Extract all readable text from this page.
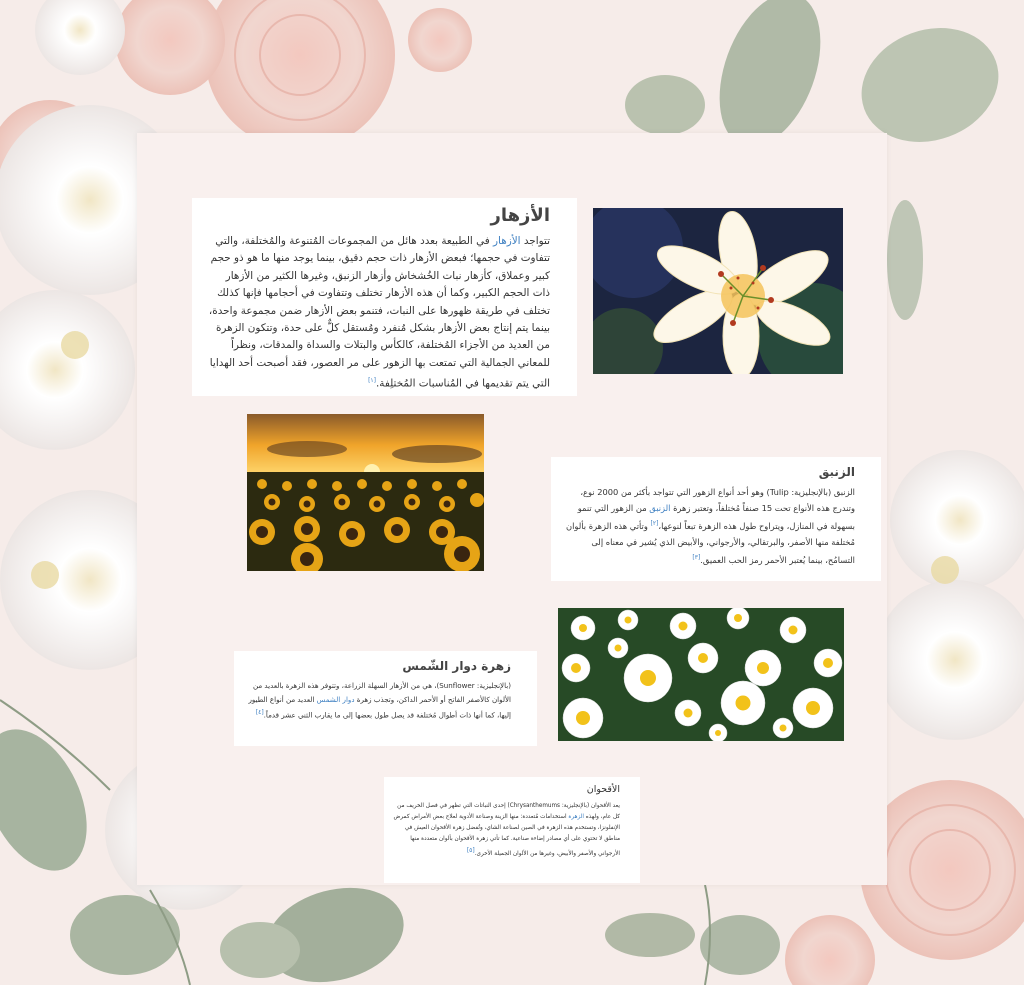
الأزهار

تتواجد الأزهار في الطبيعة بعدد هائل من المجموعات المُتنوعة والمُختلفة، والتي تتفاوت في حجمها؛ فبعض الأزهار ذات حجم دقيق، بينما يوجد منها ما هو ذو حجم كبير وعملاق، كأزهار نبات الخُشخاش وأزهار الزنبق، وغيرها الكثير من الأزهار ذات الحجم الكبير، وكما أن هذه الأزهار تختلف وتتفاوت في أحجامها فإنها كذلك تختلف في طريقة ظهورها على النبات، فتنمو بعض الأزهار ضمن مجموعة واحدة، بينما يتم إنتاج بعض الأزهار بشكل مُنفرد ومُستقل كلٌّ على حدة، وتتكون الزهرة من العديد من الأجزاء المُختلفة، كالكأس والبتلات والسداة والمدقات، ونظراً للمعاني الجمالية التي تمتعت بها الزهور على مر العصور، فقد أصبحت أحد الهدايا التي يتم تقديمها في المُناسبات المُختلِفة.[١]

الزنبق

الزنبق (بالإنجليزية: Tulip) وهو أحد أنواع الزهور التي تتواجد بأكثر من 2000 نوع، وتندرج هذه الأنواع تحت 15 صنفاً مُختلفاً، وتعتبر زهرة الزنبق من الزهور التي تنمو بسهولة في المنازل، ويتراوح طول هذه الزهرة تبعاً لنوعها،[٢] وتأتي هذه الزهرة بألوان مُختلفة منها الأصفر، والبرتقالي، والأرجواني، والأبيض الذي يُشير في معناه إلى التسامُح، بينما يُعتبر الأحمر رمز الحب العميق.[٣]

زهرة دوار الشّمس

(بالإنجليزية: Sunflower)، هي من الأزهار السهلة الزراعة، وتتوفر هذه الزهرة بالعديد من الألوان كالأصفر الفاتح أو الأحمر الداكن، وتجذب زهرة دوار الشمس العديد من أنواع الطيور إليها، كما أنها ذات أطوال مُختلفة قد يصل طول بعضها إلى ما يقارب الثني عشر قدماً.[٤]

الأقحوان

يعد الأقحوان (بالإنجليزية: Chrysanthemums) إحدى النباتات التي تظهر في فصل الخريف من كل عام، ولهذه الزهرة استخدامات مُتعددة: منها الزينة وصناعة الأدوية لعلاج بعض الأمراض كمرض الإنفلونزا، وتستخدم هذه الزهرة في الصين لصناعة الشاي، وتُفضل زهرة الأقحوان العيش في مناطق لا تحتوي على أي مصادر إضاءة صناعية. كما تأتي زهرة الأقحوان بألوان متعددة منها الأرجواني والأصفر والأبيض، وغيرها من الألوان الجميلة الأخرى.[٥]
